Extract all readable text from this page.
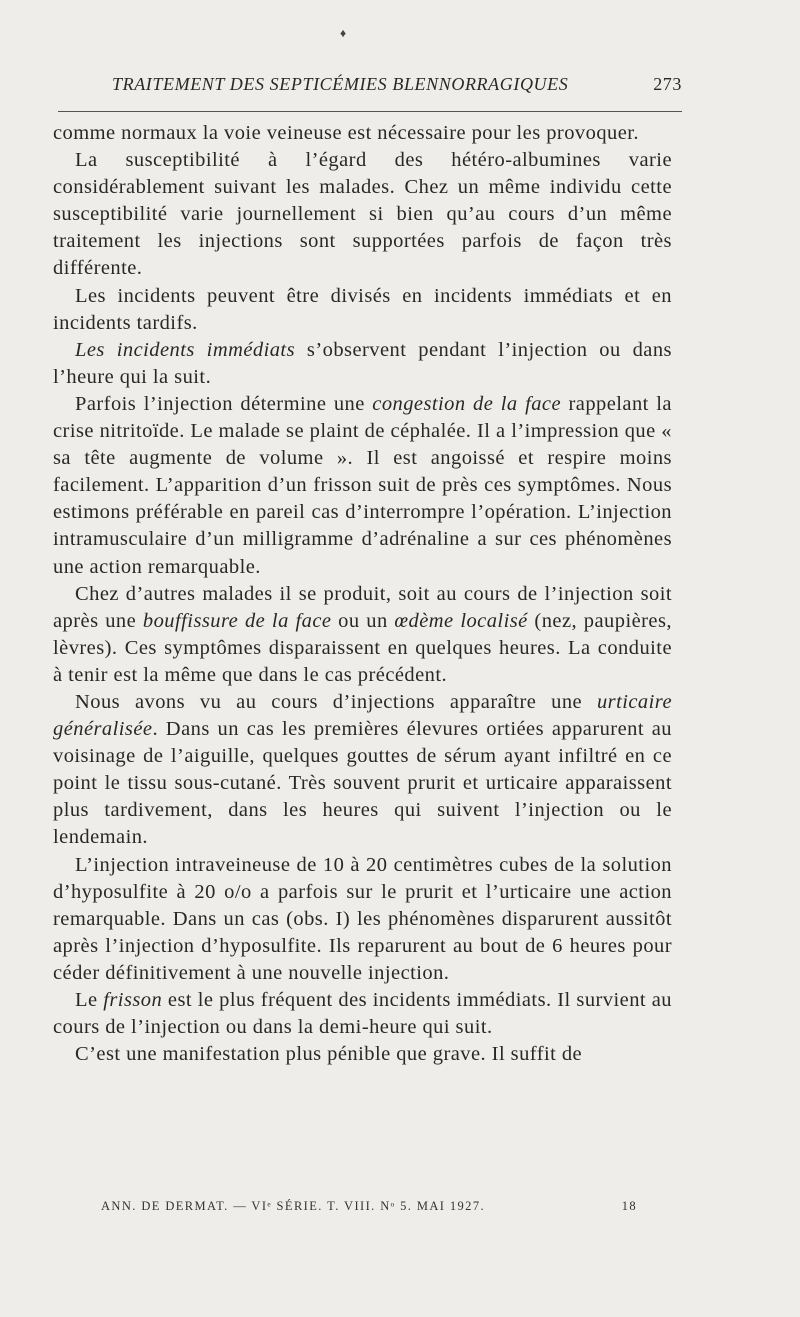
♦
TRAITEMENT DES SEPTICÉMIES BLENNORRAGIQUES	273

comme normaux la voie veineuse est nécessaire pour les provoquer.

La susceptibilité à l’égard des hétéro-albumines varie considérablement suivant les malades. Chez un même individu cette susceptibilité varie journellement si bien qu’au cours d’un même traitement les injections sont supportées parfois de façon très différente.

Les incidents peuvent être divisés en incidents immédiats et en incidents tardifs.

Les incidents immédiats s’observent pendant l’injection ou dans l’heure qui la suit.

Parfois l’injection détermine une congestion de la face rappelant la crise nitritoïde. Le malade se plaint de céphalée. Il a l’impression que « sa tête augmente de volume ». Il est angoissé et respire moins facilement. L’apparition d’un frisson suit de près ces symptômes. Nous estimons préférable en pareil cas d’interrompre l’opération. L’injection intramusculaire d’un milligramme d’adrénaline a sur ces phénomènes une action remarquable.

Chez d’autres malades il se produit, soit au cours de l’injection soit après une bouffissure de la face ou un œdème localisé (nez, paupières, lèvres). Ces symptômes disparaissent en quelques heures. La conduite à tenir est la même que dans le cas précédent.

Nous avons vu au cours d’injections apparaître une urticaire généralisée. Dans un cas les premières élevures ortiées apparurent au voisinage de l’aiguille, quelques gouttes de sérum ayant infiltré en ce point le tissu sous-cutané. Très souvent prurit et urticaire apparaissent plus tardivement, dans les heures qui suivent l’injection ou le lendemain.

L’injection intraveineuse de 10 à 20 centimètres cubes de la solution d’hyposulfite à 20 o/o a parfois sur le prurit et l’urticaire une action remarquable. Dans un cas (obs. I) les phénomènes disparurent aussitôt après l’injection d’hyposulfite. Ils reparurent au bout de 6 heures pour céder définitivement à une nouvelle injection.

Le frisson est le plus fréquent des incidents immédiats. Il survient au cours de l’injection ou dans la demi-heure qui suit.

C’est une manifestation plus pénible que grave. Il suffit de

ANN. DE DERMAT. — VIᵉ SÉRIE. T. VIII. Nᵒ 5. MAI 1927.	18
